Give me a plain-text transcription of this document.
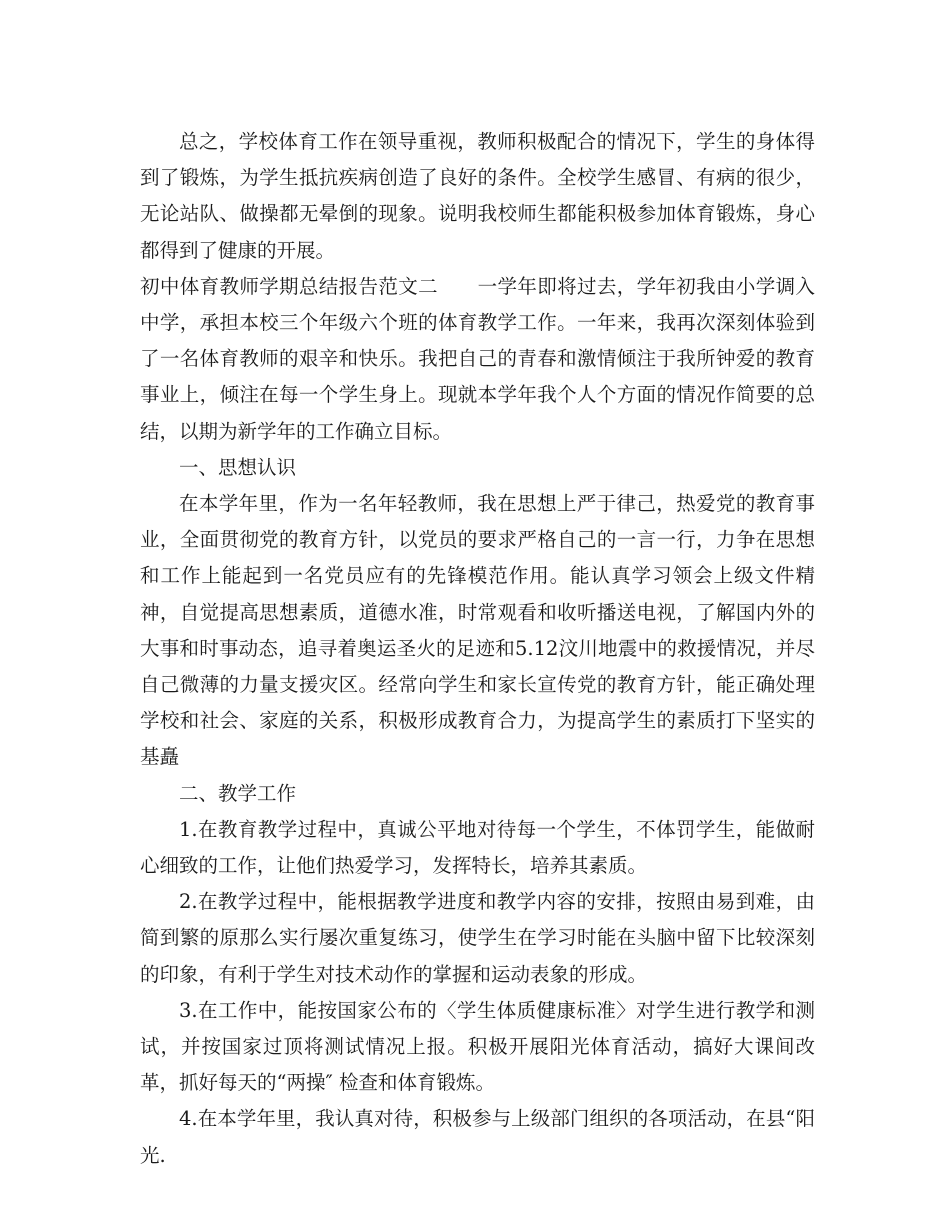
总之，学校体育工作在领导重视，教师积极配合的情况下，学生的身体得到了锻炼，为学生抵抗疾病创造了良好的条件。全校学生感冒、有病的很少，无论站队、做操都无晕倒的现象。说明我校师生都能积极参加体育锻炼，身心都得到了健康的开展。

初中体育教师学期总结报告范文二　　一学年即将过去，学年初我由小学调入中学，承担本校三个年级六个班的体育教学工作。一年来，我再次深刻体验到了一名体育教师的艰辛和快乐。我把自己的青春和激情倾注于我所钟爱的教育事业上，倾注在每一个学生身上。现就本学年我个人个方面的情况作简要的总结，以期为新学年的工作确立目标。

一、思想认识

在本学年里，作为一名年轻教师，我在思想上严于律己，热爱党的教育事业，全面贯彻党的教育方针，以党员的要求严格自己的一言一行，力争在思想和工作上能起到一名党员应有的先锋模范作用。能认真学习领会上级文件精神，自觉提高思想素质，道德水准，时常观看和收听播送电视，了解国内外的大事和时事动态，追寻着奥运圣火的足迹和5.12汶川地震中的救援情况，并尽自己微薄的力量支援灾区。经常向学生和家长宣传党的教育方针，能正确处理学校和社会、家庭的关系，积极形成教育合力，为提高学生的素质打下坚实的基矗

二、教学工作

1.在教育教学过程中，真诚公平地对待每一个学生，不体罚学生，能做耐心细致的工作，让他们热爱学习，发挥特长，培养其素质。

2.在教学过程中，能根据教学进度和教学内容的安排，按照由易到难，由简到繁的原那么实行屡次重复练习，使学生在学习时能在头脑中留下比较深刻的印象，有利于学生对技术动作的掌握和运动表象的形成。

3.在工作中，能按国家公布的〈学生体质健康标准〉对学生进行教学和测试，并按国家过顶将测试情况上报。积极开展阳光体育活动，搞好大课间改革，抓好每天的“两操″ 检查和体育锻炼。

4.在本学年里，我认真对待，积极参与上级部门组织的各项活动，在县“阳光.
